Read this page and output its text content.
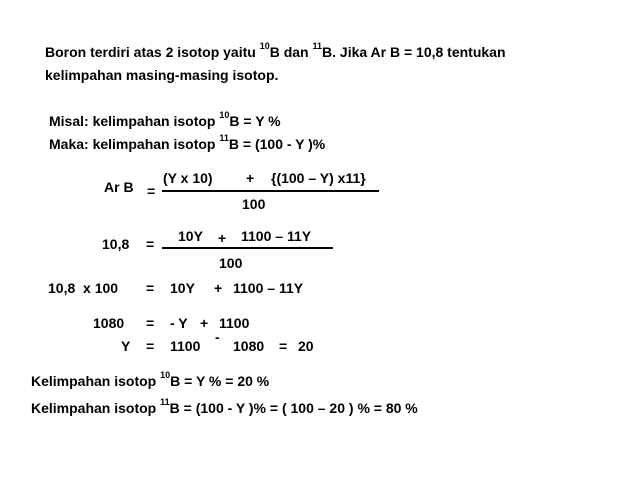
Boron terdiri atas 2 isotop yaitu $^{10}$B dan $^{11}$B. Jika Ar B = 10,8 tentukan
kelimpahan masing-masing isotop.
Misal: kelimpahan isotop $^{10}$B = Y %
Maka: kelimpahan isotop $^{11}$B = (100 - Y )%
Ar B =
(Y x 10) + {(100 – Y) x11}
100
10,8 = 10Y + 1100 – 11Y
100
10,8  x 100 = 10Y + 1100 – 11Y
1080 = - Y + 1100
Y = 1100
-
1080 = 20
Kelimpahan isotop $^{10}$B = Y % = 20 %
Kelimpahan isotop $^{11}$B = (100 - Y )% = ( 100 – 20 ) % = 80 %
